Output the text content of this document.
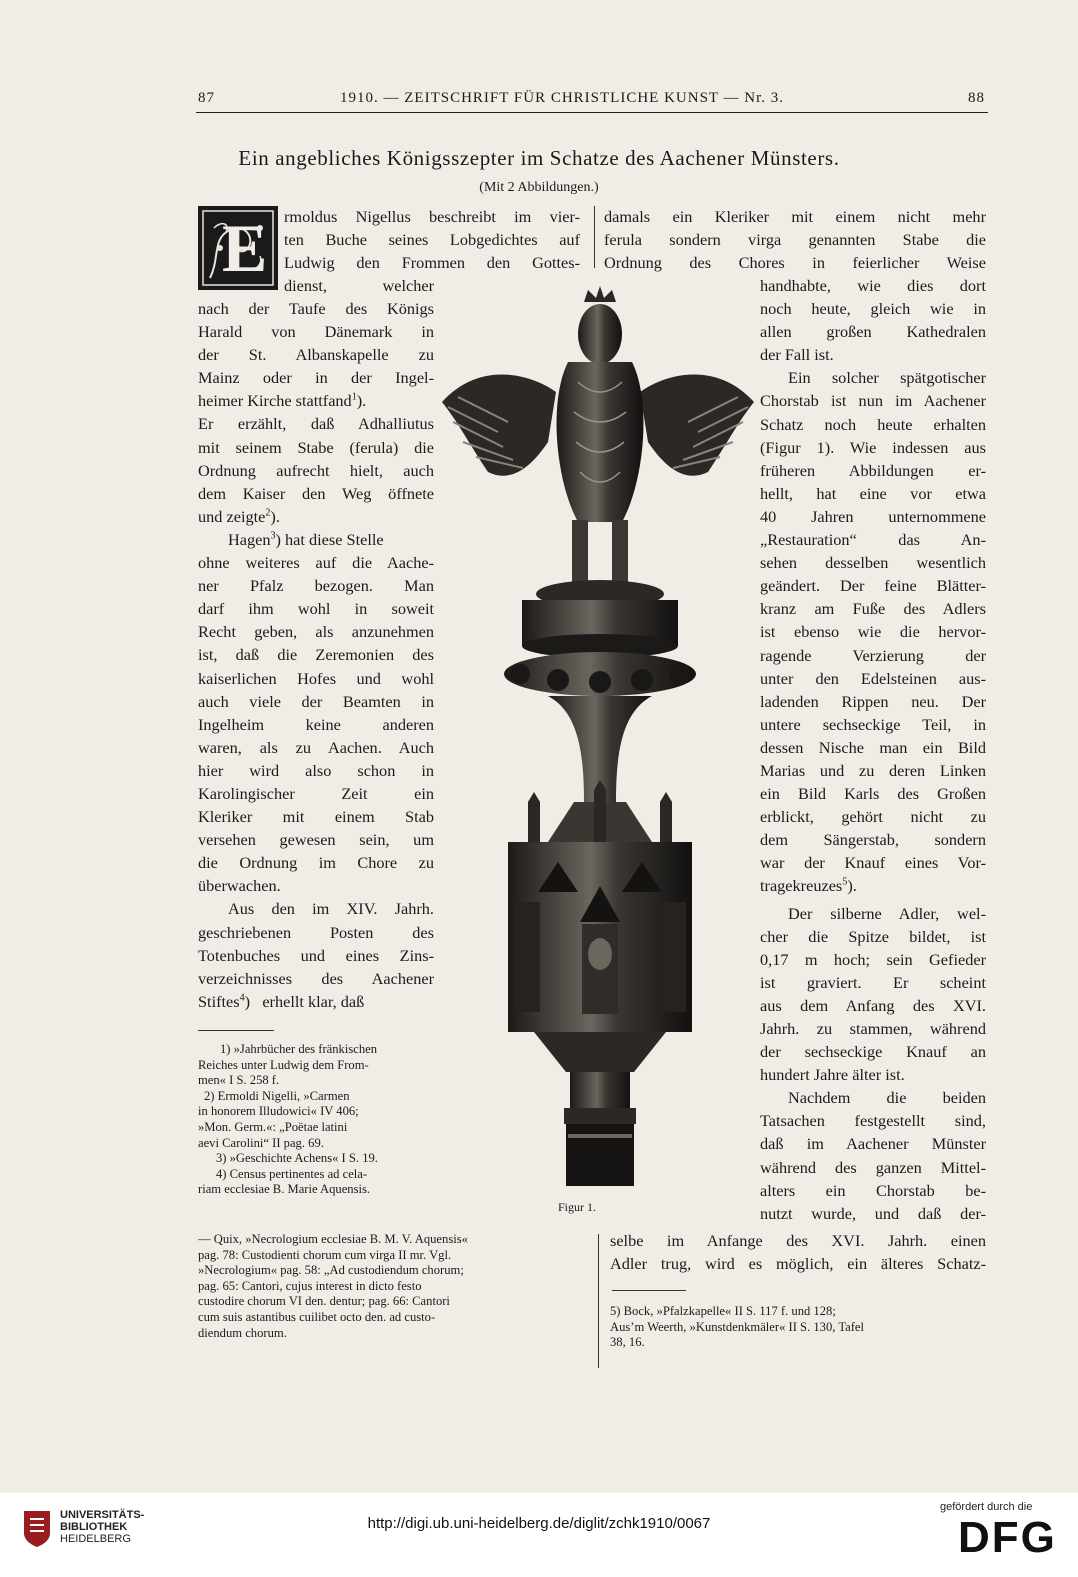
87	1910. — ZEITSCHRIFT FÜR CHRISTLICHE KUNST — Nr. 3.	88
Ein angebliches Königsszepter im Schatze des Aachener Münsters.
(Mit 2 Abbildungen.)
E rmoldus Nigellus beschreibt im vier-
ten Buche seines Lobgedichtes auf
Ludwig den Frommen den Gottes-
dienst, welcher
nach der Taufe des Königs
Harald von Dänemark in
der St. Albanskapelle zu
Mainz oder in der Ingel-
heimer Kirche stattfand$^1$).
Er erzählt, daß Adhalliutus
mit seinem Stabe (ferula) die
Ordnung aufrecht hielt, auch
dem Kaiser den Weg öffnete
und zeigte$^2$).
Hagen$^3$) hat diese Stelle
ohne weiteres auf die Aache-
ner Pfalz bezogen. Man
darf ihm wohl in soweit
Recht geben, als anzunehmen
ist, daß die Zeremonien des
kaiserlichen Hofes und wohl
auch viele der Beamten in
Ingelheim keine anderen
waren, als zu Aachen. Auch
hier wird also schon in
Karolingischer Zeit ein
Kleriker mit einem Stab
versehen gewesen sein, um
die Ordnung im Chore zu
überwachen.
Aus den im XIV. Jahrh.
geschriebenen Posten des
Totenbuches und eines Zins-
verzeichnisses des Aachener
Stiftes$^4$) erhellt klar, daß
damals ein Kleriker mit einem nicht mehr
ferula sondern virga genannten Stabe die
Ordnung des Chores in feierlicher Weise
handhabte, wie dies dort
noch heute, gleich wie in
allen großen Kathedralen
der Fall ist.
Ein solcher spätgotischer
Chorstab ist nun im Aachener
Schatz noch heute erhalten
(Figur 1). Wie indessen aus
früheren Abbildungen er-
hellt, hat eine vor etwa
40 Jahren unternommene
„Restauration“ das An-
sehen desselben wesentlich
geändert. Der feine Blätter-
kranz am Fuße des Adlers
ist ebenso wie die hervor-
ragende Verzierung der
unter den Edelsteinen aus-
ladenden Rippen neu. Der
untere sechseckige Teil, in
dessen Nische man ein Bild
Marias und zu deren Linken
ein Bild Karls des Großen
erblickt, gehört nicht zu
dem Sängerstab, sondern
war der Knauf eines Vor-
tragekreuzes$^5$).
Der silberne Adler, wel-
cher die Spitze bildet, ist
0,17 m hoch; sein Gefieder
ist graviert. Er scheint
aus dem Anfang des XVI.
Jahrh. zu stammen, während
der sechseckige Knauf an
hundert Jahre älter ist.
Nachdem die beiden
Tatsachen festgestellt sind,
daß im Aachener Münster
während des ganzen Mittel-
alters ein Chorstab be-
nutzt wurde, und daß der-
Figur 1.
1) »Jahrbücher des fränkischen
Reiches unter Ludwig dem From-
men« I S. 258 f.
2) Ermoldi Nigelli, »Carmen
in honorem Illudowici« IV 406;
»Mon. Germ.«: „Poëtae latini
aevi Carolini“ II pag. 69.
3) »Geschichte Achens« I S. 19.
4) Census pertinentes ad cela-
riam ecclesiae B. Marie Aquensis.
— Quix, »Necrologium ecclesiae B. M. V. Aquensis«
pag. 78: Custodienti chorum cum virga II mr. Vgl.
»Necrologium« pag. 58: „Ad custodiendum chorum;
pag. 65: Cantori, cujus interest in dicto festo
custodire chorum VI den. dentur; pag. 66: Cantori
cum suis astantibus cuilibet octo den. ad custo-
diendum chorum.
selbe im Anfange des XVI. Jahrh. einen
Adler trug, wird es möglich, ein älteres Schatz-
5) Bock, »Pfalzkapelle« II S. 117 f. und 128;
Aus’m Weerth, »Kunstdenkmäler« II S. 130, Tafel
38, 16.
UNIVERSITÄTS-
BIBLIOTHEK
HEIDELBERG
http://digi.ub.uni-heidelberg.de/diglit/zchk1910/0067
gefördert durch die
DFG
